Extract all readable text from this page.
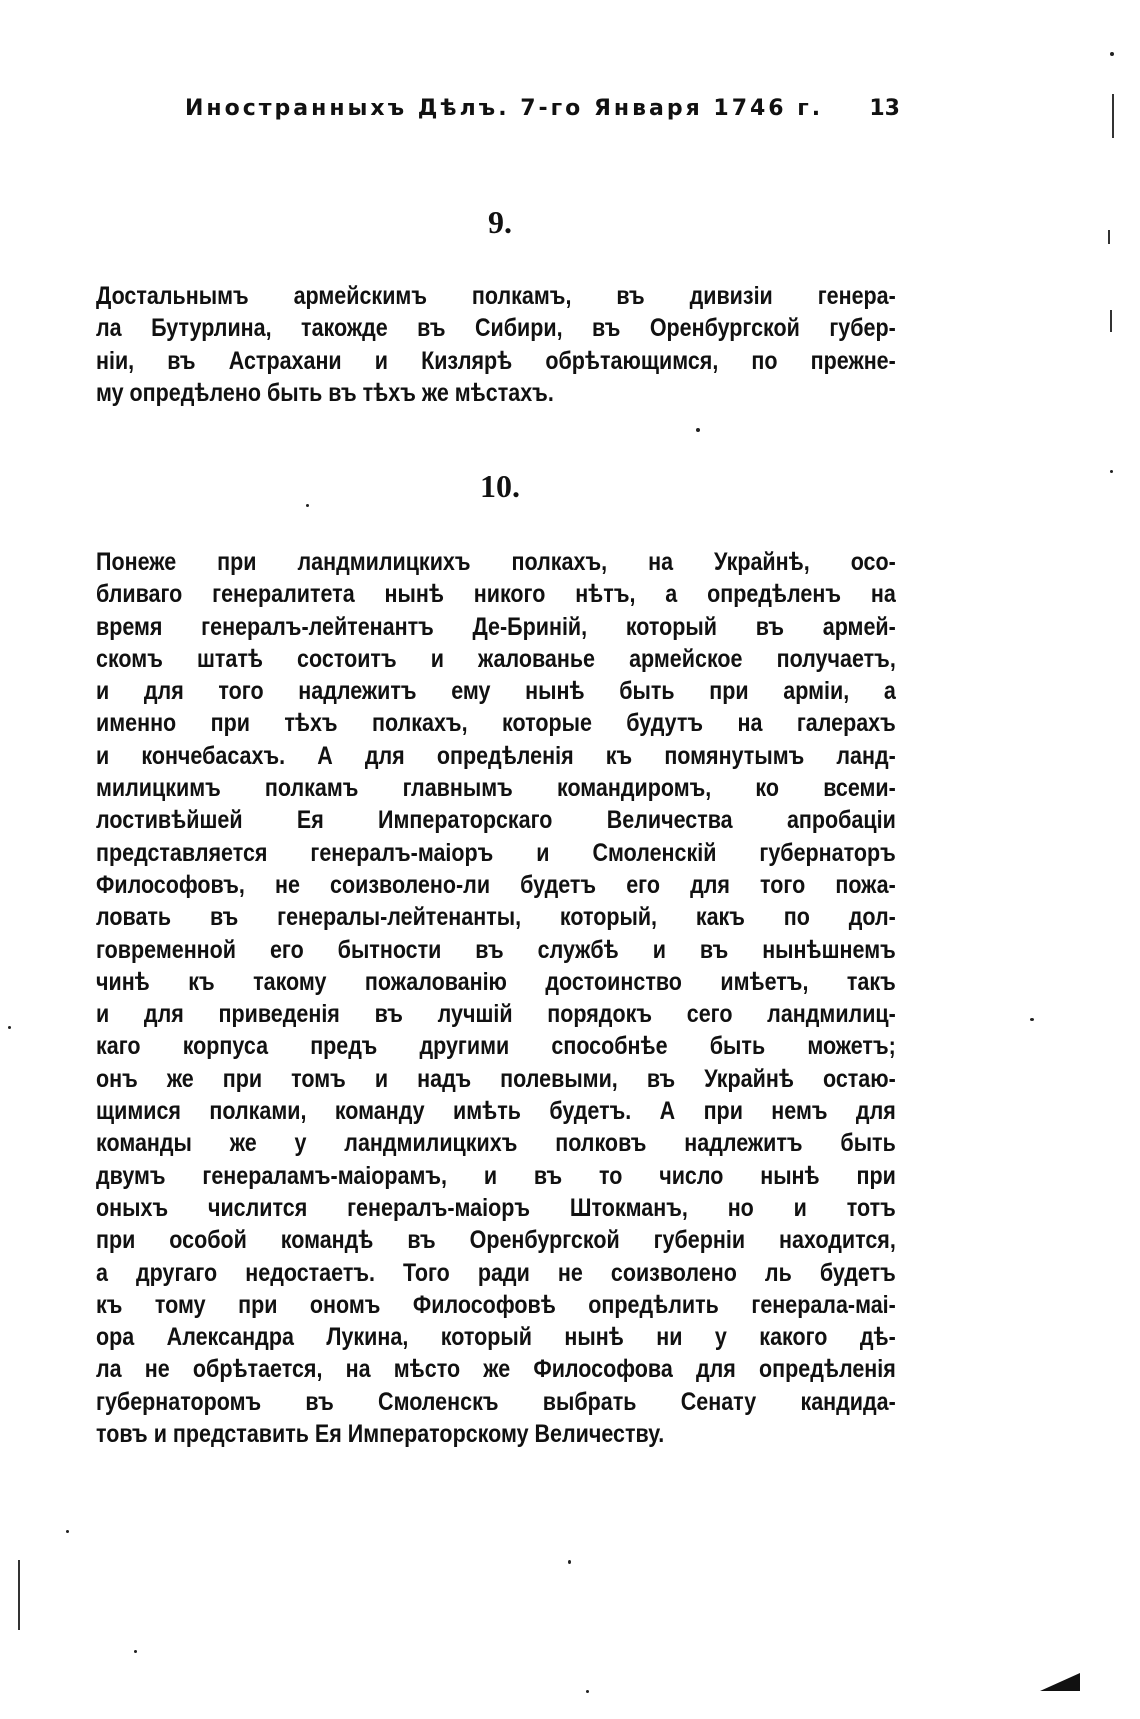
Иностранныхъ Дѣлъ. 7-го Января 1746 г. 13
9.
Достальнымъ армейскимъ полкамъ, въ дивизіи генера-
ла Бутурлина, такожде въ Сибири, въ Оренбургской губер-
ніи, въ Астрахани и Кизлярѣ обрѣтающимся, по прежне-
му опредѣлено быть въ тѣхъ же мѣстахъ.
10.
Понеже при ландмилицкихъ полкахъ, на Украйнѣ, осо-
бливаго генералитета нынѣ никого нѣтъ, а опредѣленъ на
время генералъ-лейтенантъ Де-Бриній, который въ армей-
скомъ штатѣ состоитъ и жалованье армейское получаетъ,
и для того надлежитъ ему нынѣ быть при арміи, а
именно при тѣхъ полкахъ, которые будутъ на галерахъ
и кончебасахъ. А для опредѣленія къ помянутымъ ланд-
милицкимъ полкамъ главнымъ командиромъ, ко всеми-
лостивѣйшей Ея Императорскаго Величества апробаціи
представляется генералъ-маіоръ и Смоленскій губернаторъ
Философовъ, не соизволено-ли будетъ его для того пожа-
ловать въ генералы-лейтенанты, который, какъ по дол-
говременной его бытности въ службѣ и въ нынѣшнемъ
чинѣ къ такому пожалованію достоинство имѣетъ, такъ
и для приведенія въ лучшій порядокъ сего ландмилиц-
каго корпуса предъ другими способнѣе быть можетъ;
онъ же при томъ и надъ полевыми, въ Украйнѣ остаю-
щимися полками, команду имѣть будетъ. А при немъ для
команды же у ландмилицкихъ полковъ надлежитъ быть
двумъ генераламъ-маіорамъ, и въ то число нынѣ при
оныхъ числится генералъ-маіоръ Штокманъ, но и тотъ
при особой командѣ въ Оренбургской губерніи находится,
а другаго недостаетъ. Того ради не соизволено ль будетъ
къ тому при ономъ Философовѣ опредѣлить генерала-маі-
ора Александра Лукина, который нынѣ ни у какого дѣ-
ла не обрѣтается, на мѣсто же Философова для опредѣленія
губернаторомъ въ Смоленскъ выбрать Сенату кандида-
товъ и представить Ея Императорскому Величеству.
